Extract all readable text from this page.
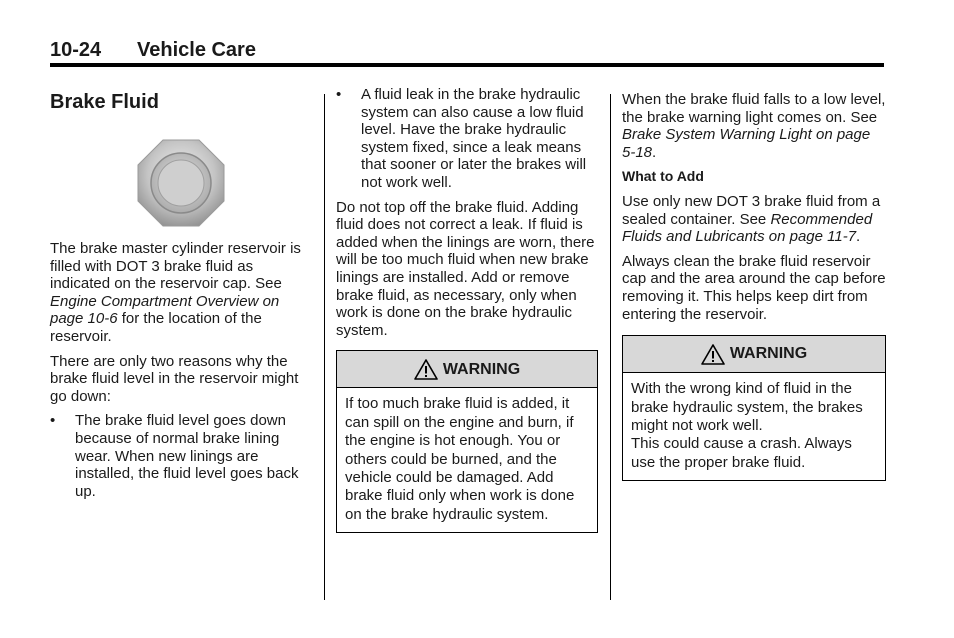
10-24 Vehicle Care
Brake Fluid

The brake master cylinder reservoir is filled with DOT 3 brake fluid as indicated on the reservoir cap. See Engine Compartment Overview on page 10-6 for the location of the reservoir.

There are only two reasons why the brake fluid level in the reservoir might go down:

• The brake fluid level goes down because of normal brake lining wear. When new linings are installed, the fluid level goes back up.
• A fluid leak in the brake hydraulic system can also cause a low fluid level. Have the brake hydraulic system fixed, since a leak means that sooner or later the brakes will not work well.

Do not top off the brake fluid. Adding fluid does not correct a leak. If fluid is added when the linings are worn, there will be too much fluid when new brake linings are installed. Add or remove brake fluid, as necessary, only when work is done on the brake hydraulic system.

WARNING

If too much brake fluid is added, it can spill on the engine and burn, if the engine is hot enough. You or others could be burned, and the vehicle could be damaged. Add brake fluid only when work is done on the brake hydraulic system.

When the brake fluid falls to a low level, the brake warning light comes on. See Brake System Warning Light on page 5-18.

What to Add

Use only new DOT 3 brake fluid from a sealed container. See Recommended Fluids and Lubricants on page 11-7.

Always clean the brake fluid reservoir cap and the area around the cap before removing it. This helps keep dirt from entering the reservoir.

WARNING

With the wrong kind of fluid in the brake hydraulic system, the brakes might not work well.

This could cause a crash. Always use the proper brake fluid.
